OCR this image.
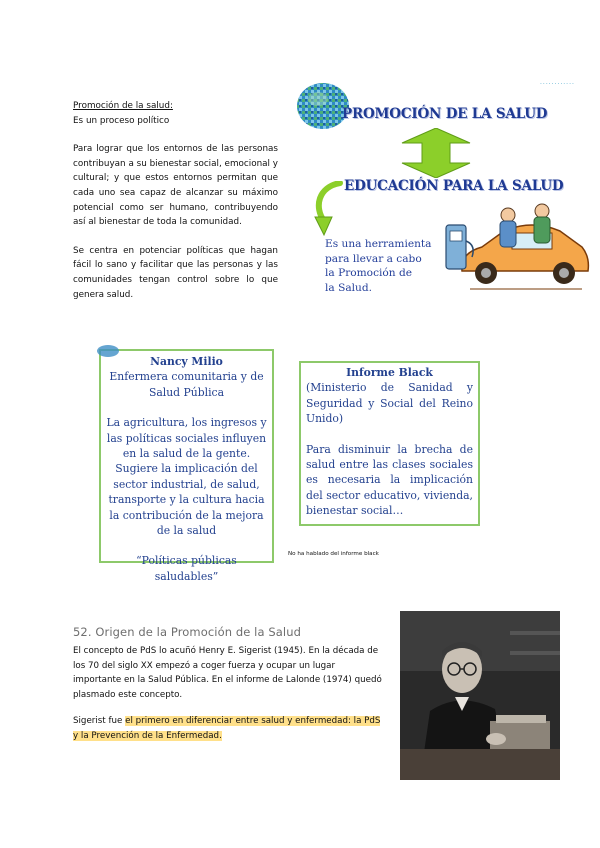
............
Promoción de la salud:
Es un proceso político
Para lograr que los entornos de las personas contribuyan a su bienestar social, emocional y cultural; y que estos entornos permitan que cada uno sea capaz de alcanzar su máximo potencial como ser humano, contribuyendo así al bienestar de toda la comunidad.
Se centra en potenciar políticas que hagan fácil lo sano y facilitar que las personas y las comunidades tengan control sobre lo que genera salud.
PROMOCIÓN DE LA SALUD
EDUCACIÓN PARA LA SALUD
Es una herramienta
para llevar a cabo
la Promoción de
la Salud.
Nancy Milio
Enfermera comunitaria y de
Salud Pública
La agricultura, los ingresos y las políticas sociales influyen en la salud de la gente. Sugiere la implicación del sector industrial, de salud, transporte y la cultura hacia la contribución de la mejora de la salud
“Políticas públicas saludables”
Informe Black
(Ministerio de Sanidad y Seguridad y Social del Reino Unido)
Para disminuir la brecha de salud entre las clases sociales es necesaria la implicación del sector educativo, vivienda, bienestar social…
No ha hablado del informe black
52. Origen de la Promoción de la Salud
El concepto de PdS lo acuñó Henry E. Sigerist (1945). En la década de los 70 del siglo XX empezó a coger fuerza y ocupar un lugar importante en la Salud Pública. En el informe de Lalonde (1974) quedó plasmado este concepto.
Sigerist fue el primero en diferenciar entre salud y enfermedad: la PdS y la Prevención de la Enfermedad.
